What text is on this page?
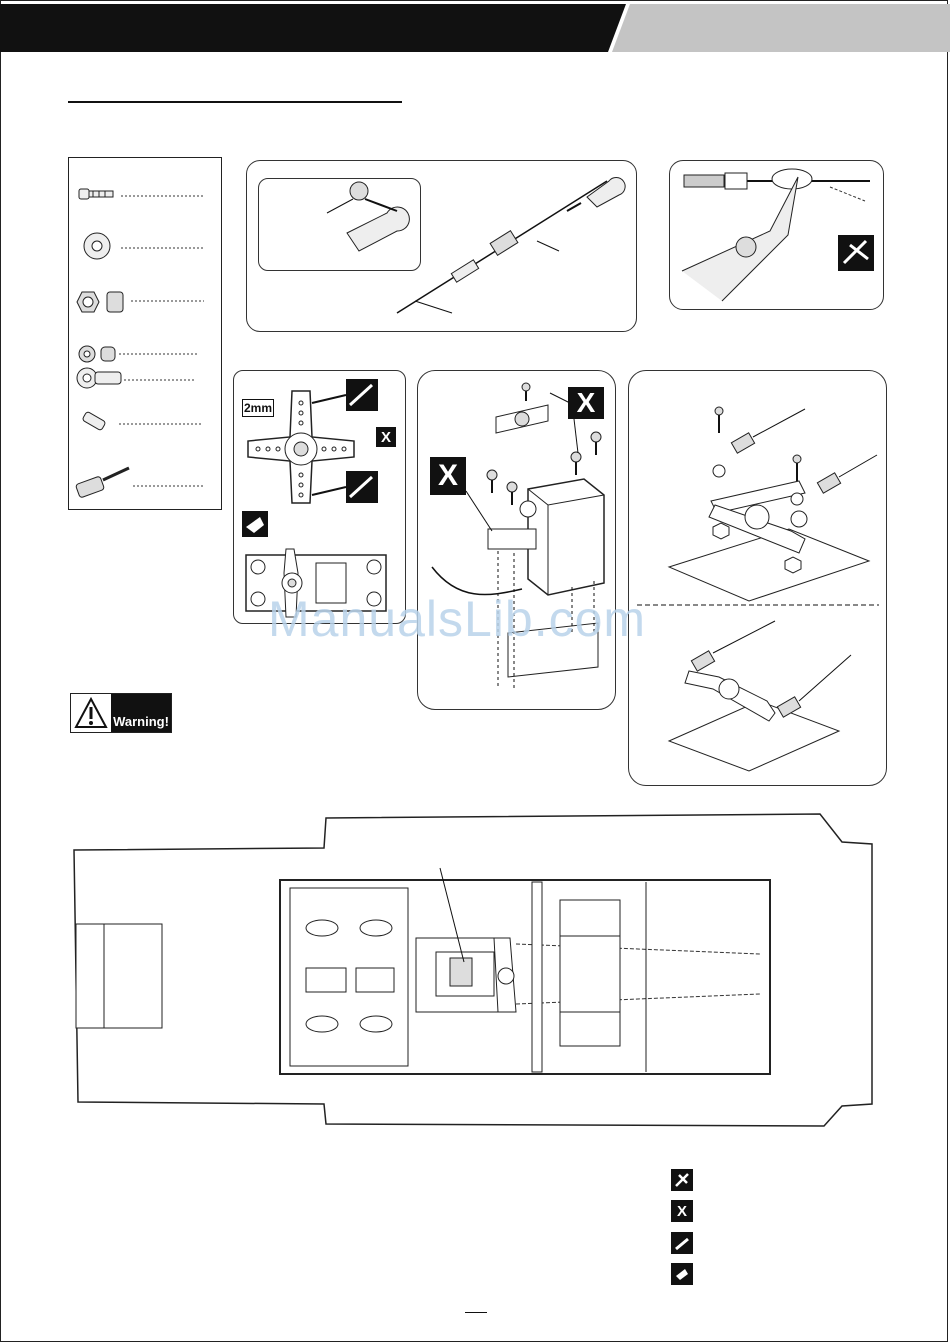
2mm
X
X
X
Warning!
ManualsLib.com
X
